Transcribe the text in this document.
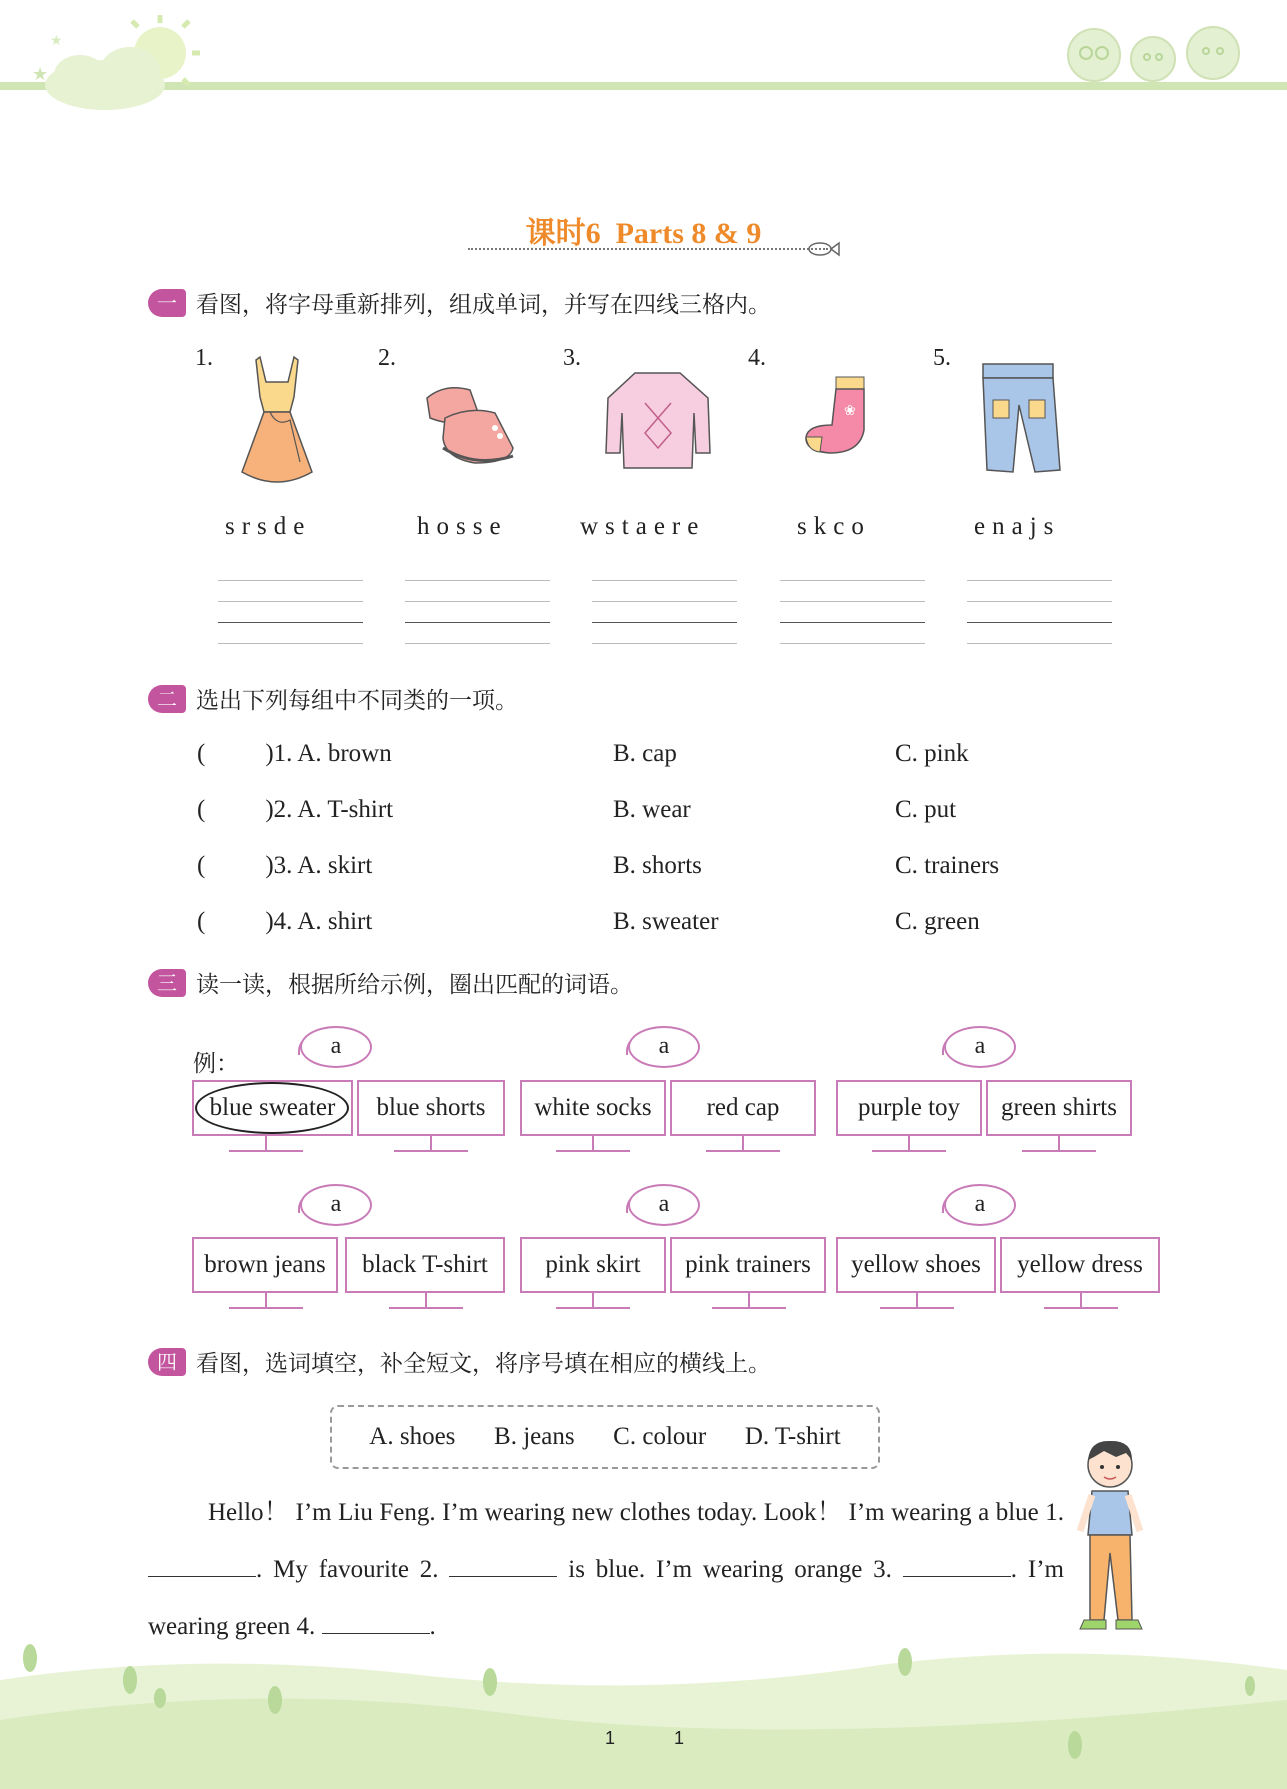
★
★
课时6 Parts 8 & 9
一 看图，将字母重新排列，组成单词，并写在四线三格内。
1.	2.	3.	4.	5.
❀
srsde	hosse	wstaere	skco	enajs
二 选出下列每组中不同类的一项。
( )1. A. brown	B. cap	C. pink
( )2. A. T-shirt	B. wear	C. put
( )3. A. skirt	B. shorts	C. trainers
( )4. A. shirt	B. sweater	C. green
三 读一读，根据所给示例，圈出匹配的词语。
例：
a	a	a
blue sweater	blue shorts	white socks	red cap	purple toy	green shirts
a	a	a
brown jeans	black T-shirt	pink skirt	pink trainers	yellow shoes	yellow dress
四 看图，选词填空，补全短文，将序号填在相应的横线上。
A. shoes B. jeans C. colour D. T-shirt
Hello！ I’m Liu Feng. I’m wearing new clothes today. Look！ I’m wearing a blue 1. . My favourite 2.	is blue. I’m wearing orange 3.	. I’m wearing green 4.	.
1	1
